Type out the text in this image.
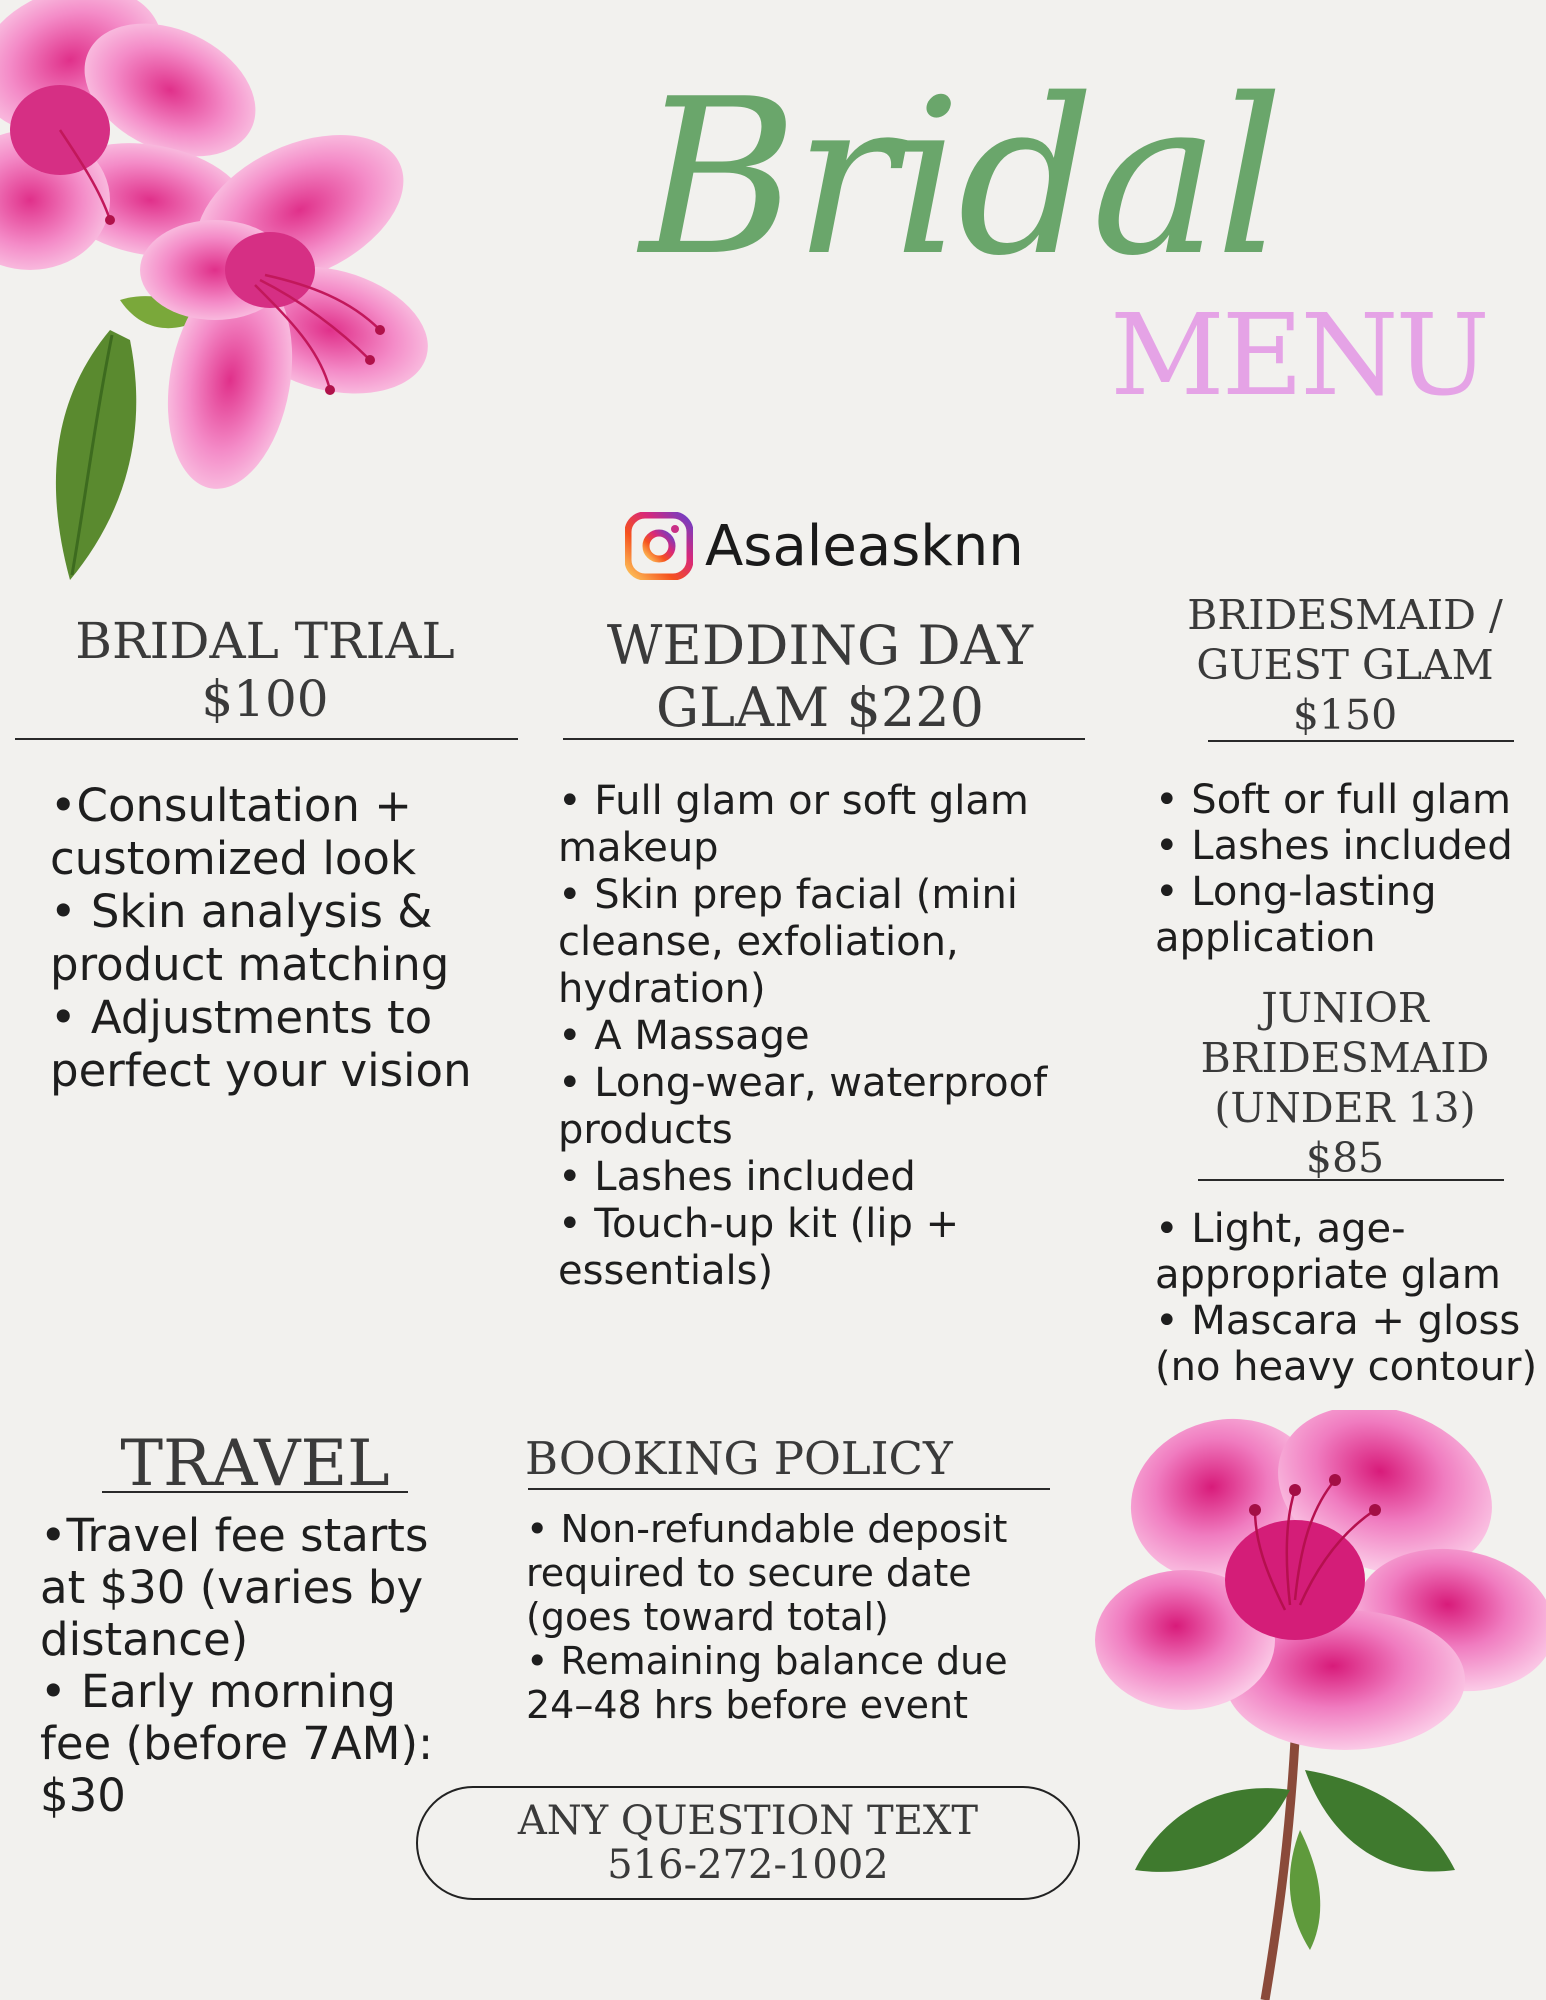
Bridal
MENU
Asaleasknn
BRIDAL TRIAL
$100

•Consultation +
customized look
• Skin analysis &
product matching
• Adjustments to
perfect your vision

WEDDING DAY
GLAM $220

• Full glam or soft glam
makeup
• Skin prep facial (mini
cleanse, exfoliation,
hydration)
• A Massage
• Long-wear, waterproof
products
• Lashes included
• Touch-up kit (lip +
essentials)

BRIDESMAID /
GUEST GLAM
$150

• Soft or full glam
• Lashes included
• Long-lasting
application

JUNIOR
BRIDESMAID
(UNDER 13)
$85

• Light, age-
appropriate glam
• Mascara + gloss
(no heavy contour)

TRAVEL

•Travel fee starts
at $30 (varies by
distance)
• Early morning
fee (before 7AM):
$30

BOOKING POLICY

• Non-refundable deposit
required to secure date
(goes toward total)
• Remaining balance due
24–48 hrs before event

ANY QUESTION TEXT
516-272-1002
